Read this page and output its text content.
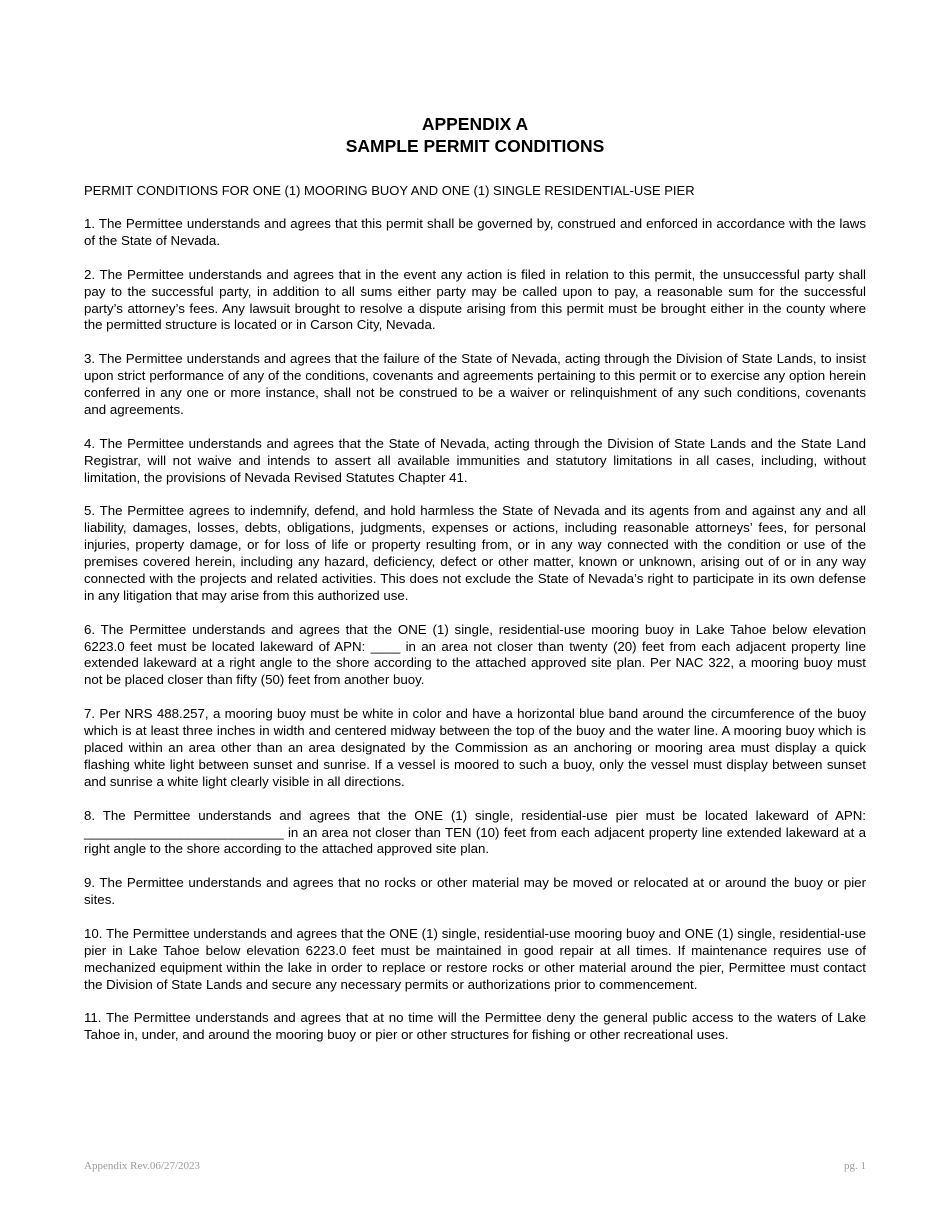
APPENDIX A
SAMPLE PERMIT CONDITIONS
PERMIT CONDITIONS FOR ONE (1) MOORING BUOY AND ONE (1) SINGLE RESIDENTIAL-USE PIER

1. The Permittee understands and agrees that this permit shall be governed by, construed and enforced in accordance with the laws of the State of Nevada.

2. The Permittee understands and agrees that in the event any action is filed in relation to this permit, the unsuccessful party shall pay to the successful party, in addition to all sums either party may be called upon to pay, a reasonable sum for the successful party’s attorney’s fees. Any lawsuit brought to resolve a dispute arising from this permit must be brought either in the county where the permitted structure is located or in Carson City, Nevada.

3. The Permittee understands and agrees that the failure of the State of Nevada, acting through the Division of State Lands, to insist upon strict performance of any of the conditions, covenants and agreements pertaining to this permit or to exercise any option herein conferred in any one or more instance, shall not be construed to be a waiver or relinquishment of any such conditions, covenants and agreements.

4. The Permittee understands and agrees that the State of Nevada, acting through the Division of State Lands and the State Land Registrar, will not waive and intends to assert all available immunities and statutory limitations in all cases, including, without limitation, the provisions of Nevada Revised Statutes Chapter 41.

5. The Permittee agrees to indemnify, defend, and hold harmless the State of Nevada and its agents from and against any and all liability, damages, losses, debts, obligations, judgments, expenses or actions, including reasonable attorneys’ fees, for personal injuries, property damage, or for loss of life or property resulting from, or in any way connected with the condition or use of the premises covered herein, including any hazard, deficiency, defect or other matter, known or unknown, arising out of or in any way connected with the projects and related activities. This does not exclude the State of Nevada’s right to participate in its own defense in any litigation that may arise from this authorized use.

6. The Permittee understands and agrees that the ONE (1) single, residential-use mooring buoy in Lake Tahoe below elevation 6223.0 feet must be located lakeward of APN: ____ in an area not closer than twenty (20) feet from each adjacent property line extended lakeward at a right angle to the shore according to the attached approved site plan. Per NAC 322, a mooring buoy must not be placed closer than fifty (50) feet from another buoy.

7. Per NRS 488.257, a mooring buoy must be white in color and have a horizontal blue band around the circumference of the buoy which is at least three inches in width and centered midway between the top of the buoy and the water line. A mooring buoy which is placed within an area other than an area designated by the Commission as an anchoring or mooring area must display a quick flashing white light between sunset and sunrise. If a vessel is moored to such a buoy, only the vessel must display between sunset and sunrise a white light clearly visible in all directions.

8. The Permittee understands and agrees that the ONE (1) single, residential-use pier must be located lakeward of APN: ___________________________ in an area not closer than TEN (10) feet from each adjacent property line extended lakeward at a right angle to the shore according to the attached approved site plan.

9. The Permittee understands and agrees that no rocks or other material may be moved or relocated at or around the buoy or pier sites.

10. The Permittee understands and agrees that the ONE (1) single, residential-use mooring buoy and ONE (1) single, residential-use pier in Lake Tahoe below elevation 6223.0 feet must be maintained in good repair at all times. If maintenance requires use of mechanized equipment within the lake in order to replace or restore rocks or other material around the pier, Permittee must contact the Division of State Lands and secure any necessary permits or authorizations prior to commencement.

11. The Permittee understands and agrees that at no time will the Permittee deny the general public access to the waters of Lake Tahoe in, under, and around the mooring buoy or pier or other structures for fishing or other recreational uses.

Appendix Rev.06/27/2023	pg. 1
